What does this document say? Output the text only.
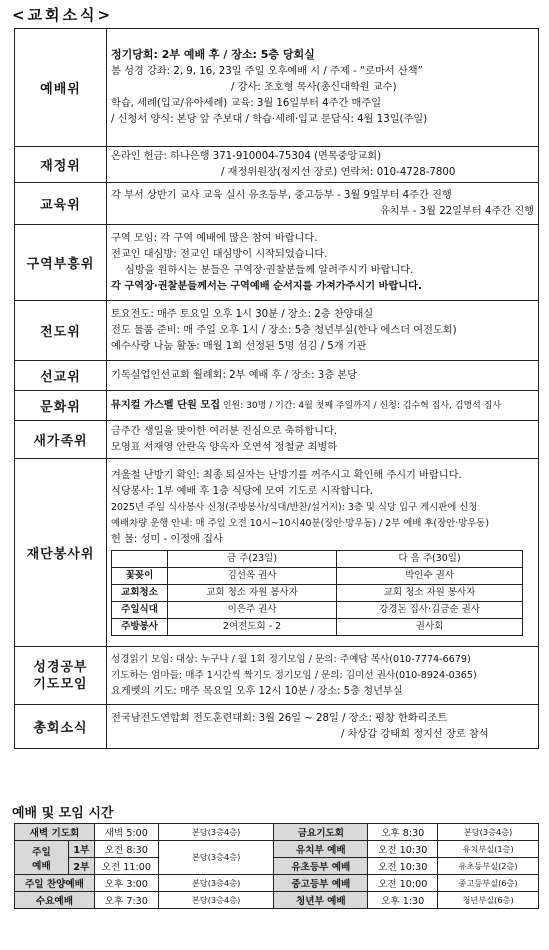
<교회소식>
예배위	
정기당회: 2부 예배 후 / 장소: 5층 당회실
봄 성경 강좌: 2, 9, 16, 23일 주일 오후예배 시 / 주제 - “로마서 산책”
/ 강사: 조호형 목사(총신대학원 교수)
학습, 세례(입교/유아세례) 교육: 3월 16일부터 4주간 매주일
/ 신청서 양식: 본당 앞 주보대 / 학습·세례·입교 문답식: 4월 13일(주일)

재정위	
온라인 헌금: 하나은행 371-910004-75304 (면목중앙교회)
/ 재정위원장(정지선 장로) 연락처: 010-4728-7800

교육위	
각 부서 상반기 교사 교육 실시 유초등부, 중고등부 - 3월 9일부터 4주간 진행
유치부 - 3월 22일부터 4주간 진행

구역부흥위	
구역 모임: 각 구역 예배에 많은 참여 바랍니다.
전교인 대심방: 전교인 대심방이 시작되었습니다.
심방을 원하시는 분들은 구역장·권찰분들께 알려주시기 바랍니다.
각 구역장·권찰분들께서는 구역예배 순서지를 가져가주시기 바랍니다.

전도위	
토요전도: 매주 토요일 오후 1시 30분 / 장소: 2층 찬양대실
전도 물품 준비: 매 주일 오후 1시 / 장소: 5층 청년부실(한나 에스더 여전도회)
예수사랑 나눔 활동: 매월 1회 선정된 5명 섬김 / 5개 기관

선교위	기독실업인선교회 월례회: 2부 예배 후 / 장소: 3층 본당

문화위	뮤지컬 가스펠 단원 모집 인원: 30명 / 기간: 4월 첫째 주일까지 / 신청: 김수혁 집사, 김명석 집사

새가족위	
금주간 생일을 맞이한 여러분 진심으로 축하합니다.
모영표 서재영 안란옥 양옥자 오연석 정철균 최병하

재단봉사위	
겨울철 난방기 확인: 최종 퇴실자는 난방기를 꺼주시고 확인해 주시기 바랍니다.
식당봉사: 1부 예배 후 1층 식당에 모여 기도로 시작합니다.
2025년 주일 식사봉사 신청(주방봉사/식대/반찬/설거지): 3층 및 식당 입구 게시판에 신청
예배차량 운행 안내: 매 주일 오전 10시~10시40분(장안·망우동) / 2부 예배 후(장안·망우동)
헌 물: 성미 - 이정애 집사
	금 주(23일)	다 음 주(30일)
꽃꽂이	김선옥 권사	박인수 권사
교회청소	교회 청소 자원 봉사자	교회 청소 자원 봉사자
주일식대	이은주 권사	강경돈 집사·김금순 권사
주방봉사	2여전도회 - 2	권사회

성경공부
기도모임	
성경읽기 모임: 대상: 누구나 / 월 1회 정기모임 / 문의: 주예담 목사(010-7774-6679)
기도하는 엄마들: 매주 1시간씩 짝기도 정기모임 / 문의: 김미선 권사(010-8924-0365)
요게벳의 기도: 매주 목요일 오후 12시 10분 / 장소: 5층 청년부실

총회소식	
전국남전도연합회 전도훈련대회: 3월 26일 ~ 28일 / 장소: 평창 한화리조트
/ 차상갑 강태희 정지선 장로 참석
예배 및 모임 시간
새벽 기도회		새벽 5:00	본당(3층4층)	금요기도회	오후 8:30	본당(3층4층)
주일
예배	1부	오전 8:30	본당(3층4층)	유치부 예배	오전 10:30	유치부실(1층)
	2부	오전 11:00		유초등부 예배	오전 10:30	유초등부실(2층)
주일 찬양예배		오후 3:00	본당(3층4층)	중고등부 예배	오전 10:00	중고등부실(6층)
수요예배		오후 7:30	본당(3층4층)	청년부 예배	오후 1:30	청년부실(6층)
